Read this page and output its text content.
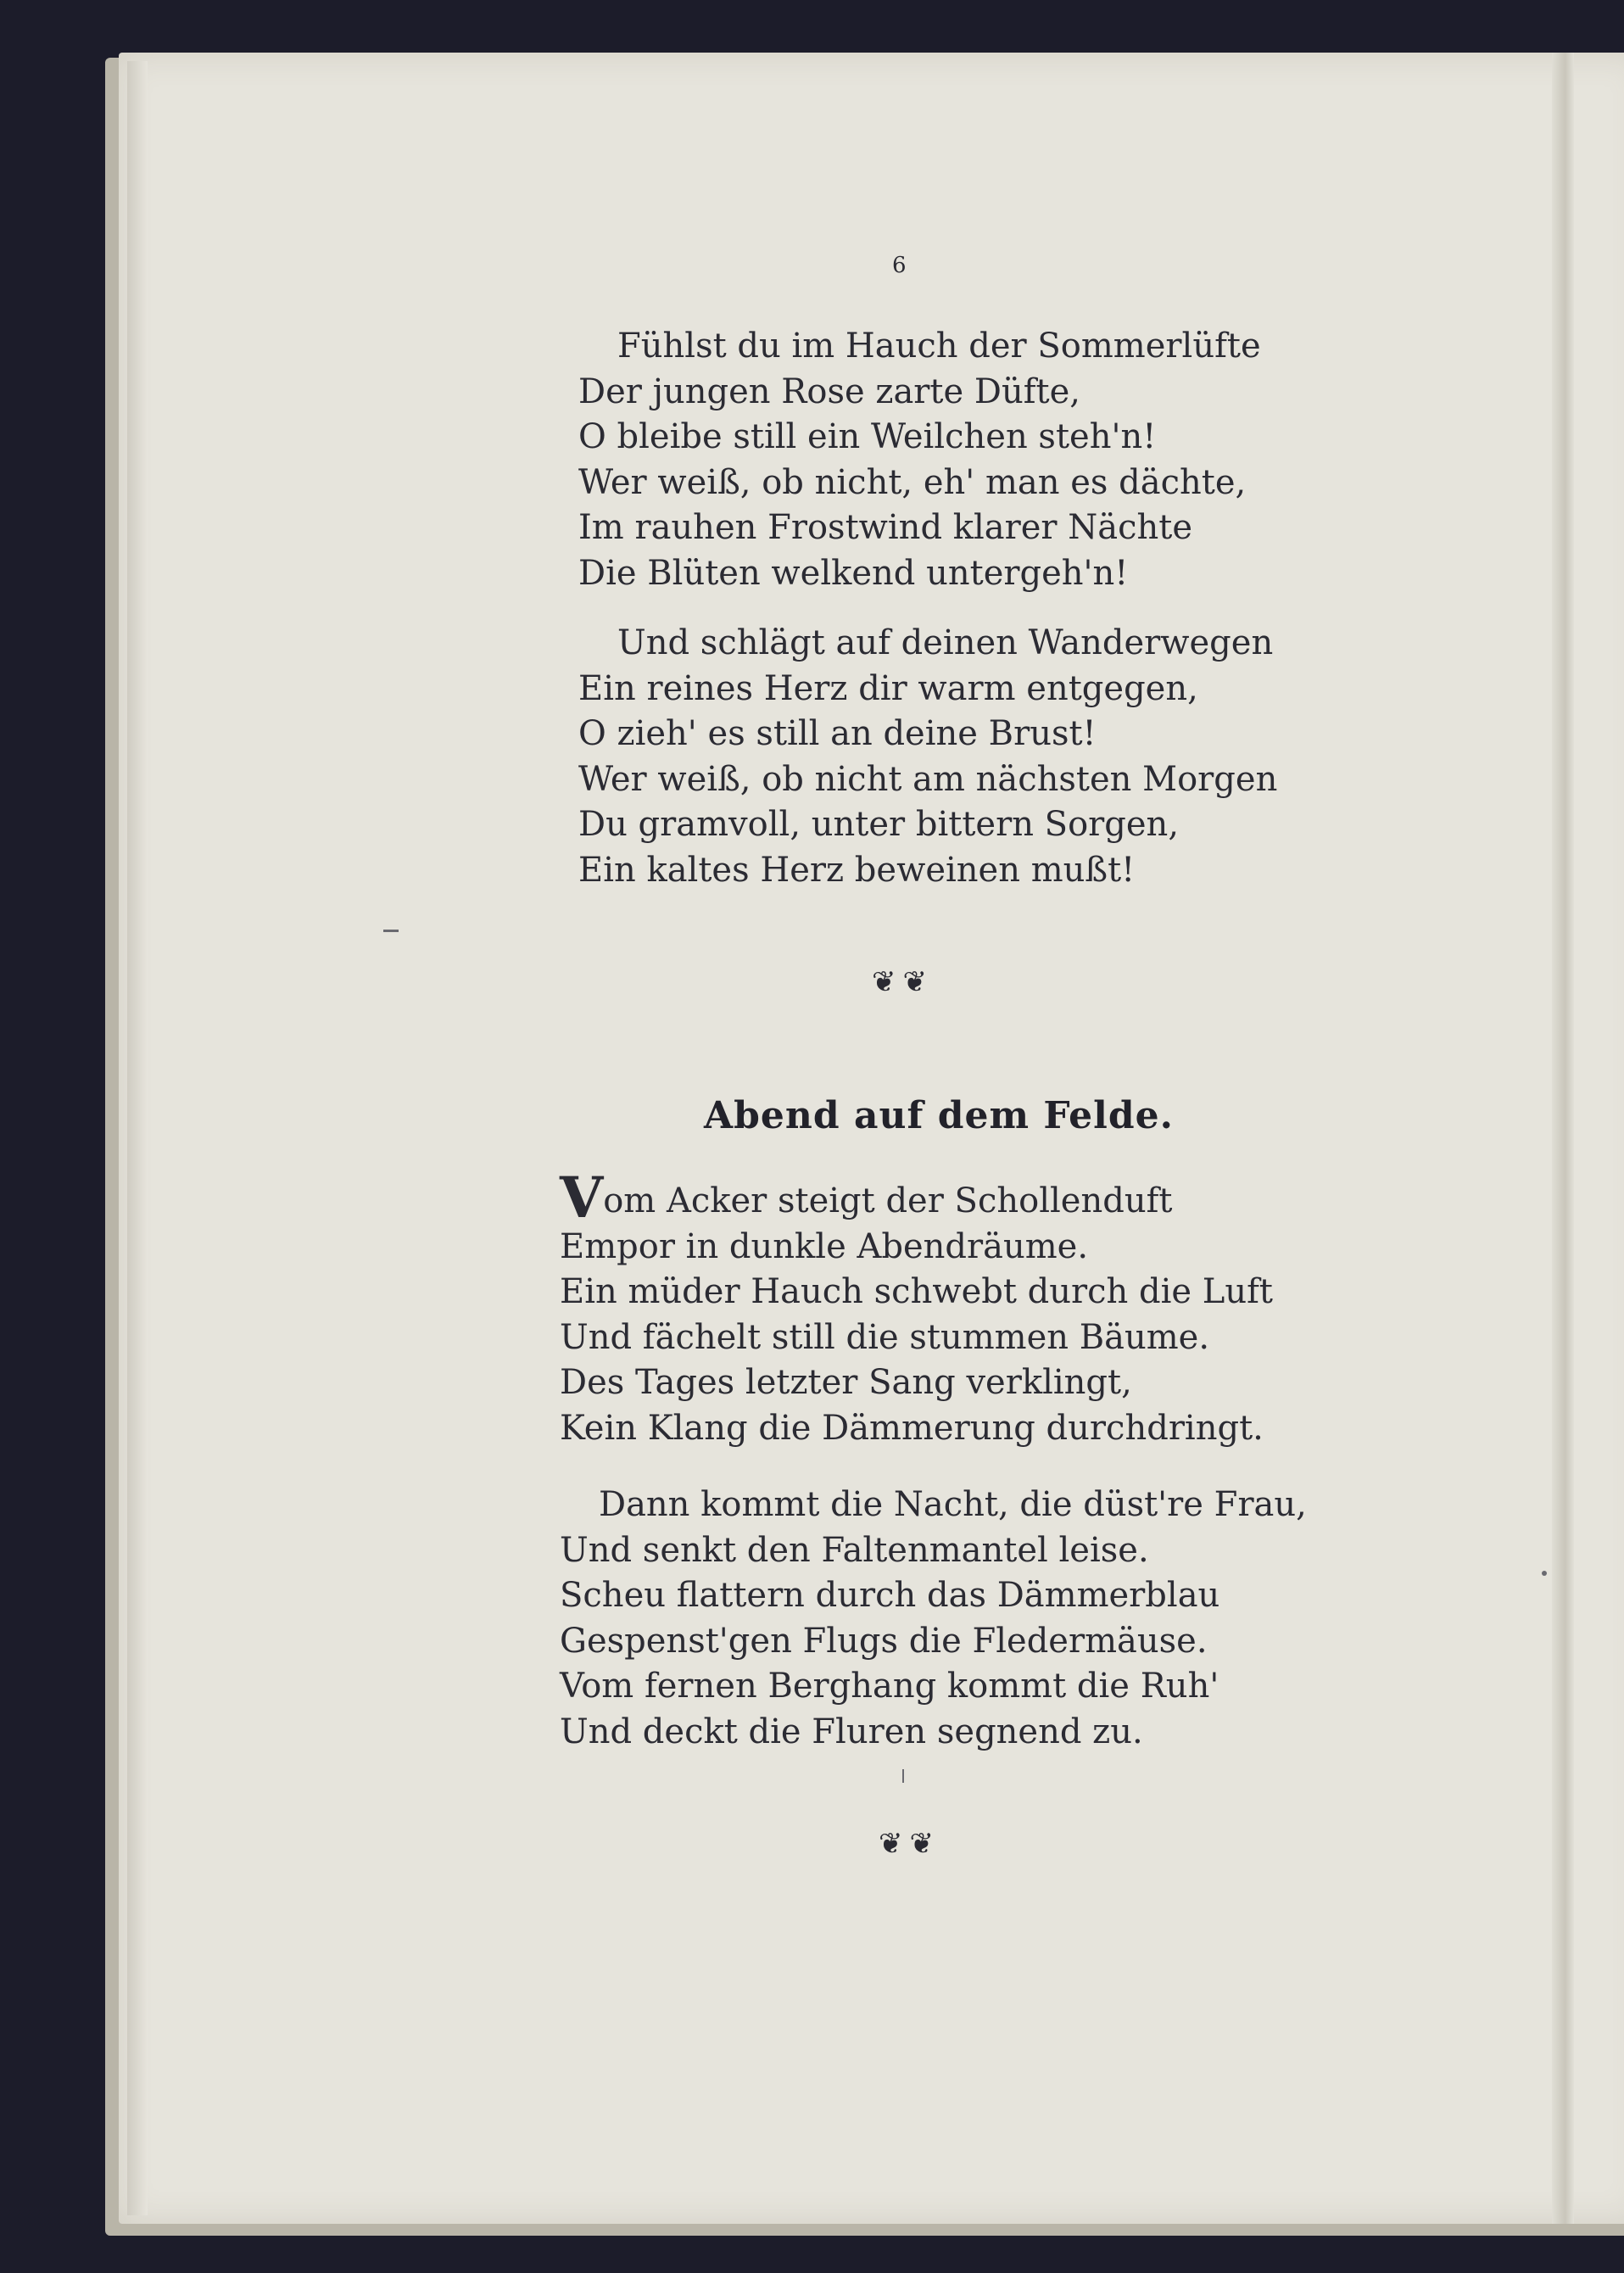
6
Fühlst du im Hauch der Sommerlüfte
Der jungen Rose zarte Düfte,
O bleibe still ein Weilchen steh'n!
Wer weiß, ob nicht, eh' man es dächte,
Im rauhen Frostwind klarer Nächte
Die Blüten welkend untergeh'n!
Und schlägt auf deinen Wanderwegen
Ein reines Herz dir warm entgegen,
O zieh' es still an deine Brust!
Wer weiß, ob nicht am nächsten Morgen
Du gramvoll, unter bittern Sorgen,
Ein kaltes Herz beweinen mußt!
❦❦
Abend auf dem Felde.
Vom Acker steigt der Schollenduft
Empor in dunkle Abendräume.
Ein müder Hauch schwebt durch die Luft
Und fächelt still die stummen Bäume.
Des Tages letzter Sang verklingt,
Kein Klang die Dämmerung durchdringt.
Dann kommt die Nacht, die düst're Frau,
Und senkt den Faltenmantel leise.
Scheu flattern durch das Dämmerblau
Gespenst'gen Flugs die Fledermäuse.
Vom fernen Berghang kommt die Ruh'
Und deckt die Fluren segnend zu.
❦❦
